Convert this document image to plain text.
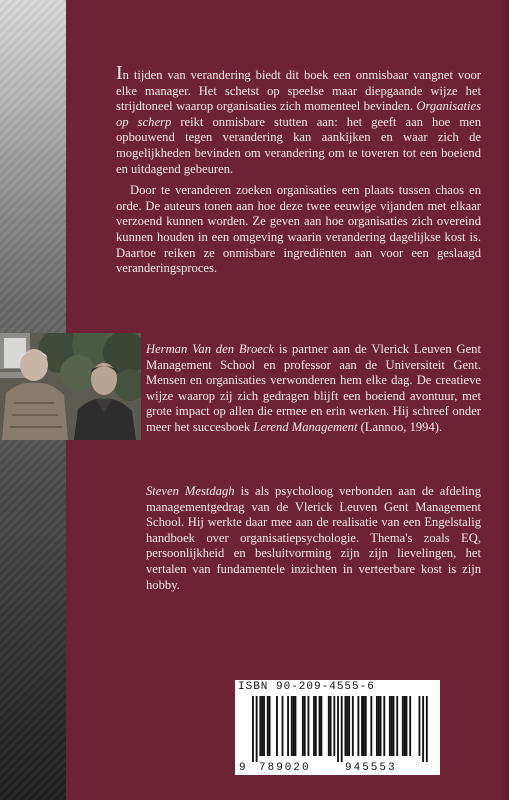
In tijden van verandering biedt dit boek een onmisbaar vangnet voor elke manager. Het schetst op speelse maar diepgaande wijze het strijdtoneel waarop organisaties zich momenteel bevinden. Organisaties op scherp reikt onmisbare stutten aan: het geeft aan hoe men opbouwend tegen verandering kan aankijken en waar zich de mogelijkheden bevinden om verandering om te toveren tot een boeiend en uitdagend gebeuren.

Door te veranderen zoeken organisaties een plaats tussen chaos en orde. De auteurs tonen aan hoe deze twee eeuwige vijanden met elkaar verzoend kunnen worden. Ze geven aan hoe organisaties zich overeind kunnen houden in een omgeving waarin verandering dagelijkse kost is. Daartoe reiken ze onmisbare ingrediënten aan voor een geslaagd veranderingsproces.

Herman Van den Broeck is partner aan de Vlerick Leuven Gent Management School en professor aan de Universiteit Gent. Mensen en organisaties verwonderen hem elke dag. De creatieve wijze waarop zij zich gedragen blijft een boeiend avontuur, met grote impact op allen die ermee en erin werken. Hij schreef onder meer het succesboek Lerend Management (Lannoo, 1994).

Steven Mestdagh is als psycholoog verbonden aan de afdeling managementgedrag van de Vlerick Leuven Gent Management School. Hij werkte daar mee aan de realisatie van een Engelstalig handboek over organisatiepsychologie. Thema's zoals EQ, persoonlijkheid en besluitvorming zijn zijn lievelingen, het vertalen van fundamentele inzichten in verteerbare kost is zijn hobby.

9 789020	945553
ISBN 90-209-4555-6
